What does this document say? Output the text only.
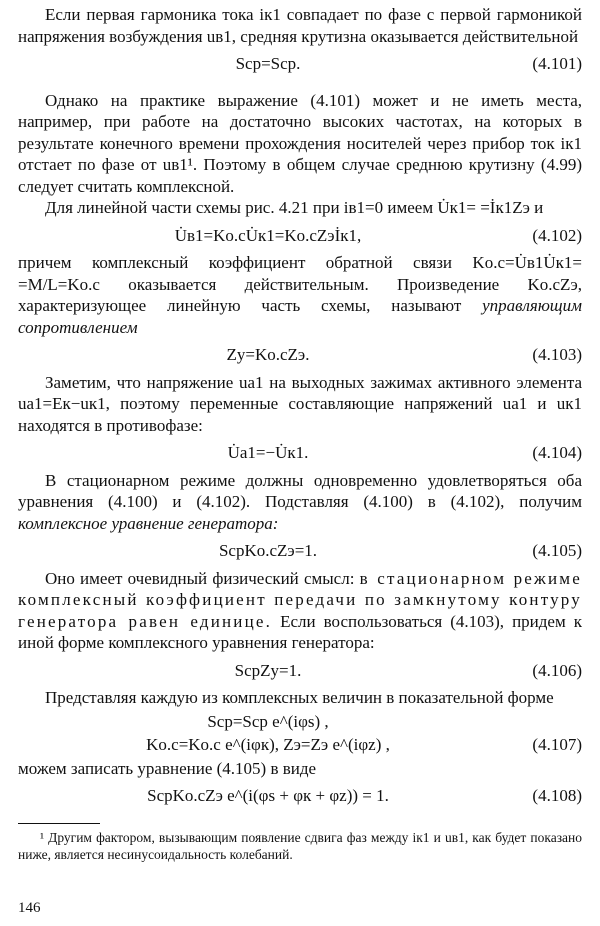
Если первая гармоника тока iк1 совпадает по фазе с первой гармоникой напряжения возбуждения uв1, средняя крутизна оказывается действительной

Sср=Sср.	(4.101)

Однако на практике выражение (4.101) может и не иметь места, например, при работе на достаточно высоких частотах, на которых в результате конечного времени прохождения носителей через прибор ток iк1 отстает по фазе от uв1¹. Поэтому в общем случае среднюю крутизну (4.99) следует считать комплексной.

Для линейной части схемы рис. 4.21 при iв1=0 имеем U̇к1= =İк1Zэ и

U̇в1=Kо.сU̇к1=Kо.сZэİк1,	(4.102)

причем комплексный коэффициент обратной связи Kо.с=U̇в1U̇к1= =M/L=Kо.с оказывается действительным. Произведение Kо.сZэ, характеризующее линейную часть схемы, называют управляющим сопротивлением

Zу=Kо.сZэ.	(4.103)

Заметим, что напряжение uа1 на выходных зажимах активного элемента uа1=Eк−uк1, поэтому переменные составляющие напряжений uа1 и uк1 находятся в противофазе:

U̇а1=−U̇к1.	(4.104)

В стационарном режиме должны одновременно удовлетворяться оба уравнения (4.100) и (4.102). Подставляя (4.100) в (4.102), получим комплексное уравнение генератора:

SсрKо.сZэ=1.	(4.105)

Оно имеет очевидный физический смысл: в стационарном режиме комплексный коэффициент передачи по замкнутому контуру генератора равен единице. Если воспользоваться (4.103), придем к иной форме комплексного уравнения генератора:

SсрZу=1.	(4.106)

Представляя каждую из комплексных величин в показательной форме

Sср=Sср e^(iφs) ,
Kо.с=Kо.с e^(iφк), Zэ=Zэ e^(iφz) ,	(4.107)

можем записать уравнение (4.105) в виде

SсрKо.сZэ e^(i(φs + φк + φz)) = 1.	(4.108)

¹ Другим фактором, вызывающим появление сдвига фаз между iк1 и uв1, как будет показано ниже, является несинусоидальность колебаний.

146
